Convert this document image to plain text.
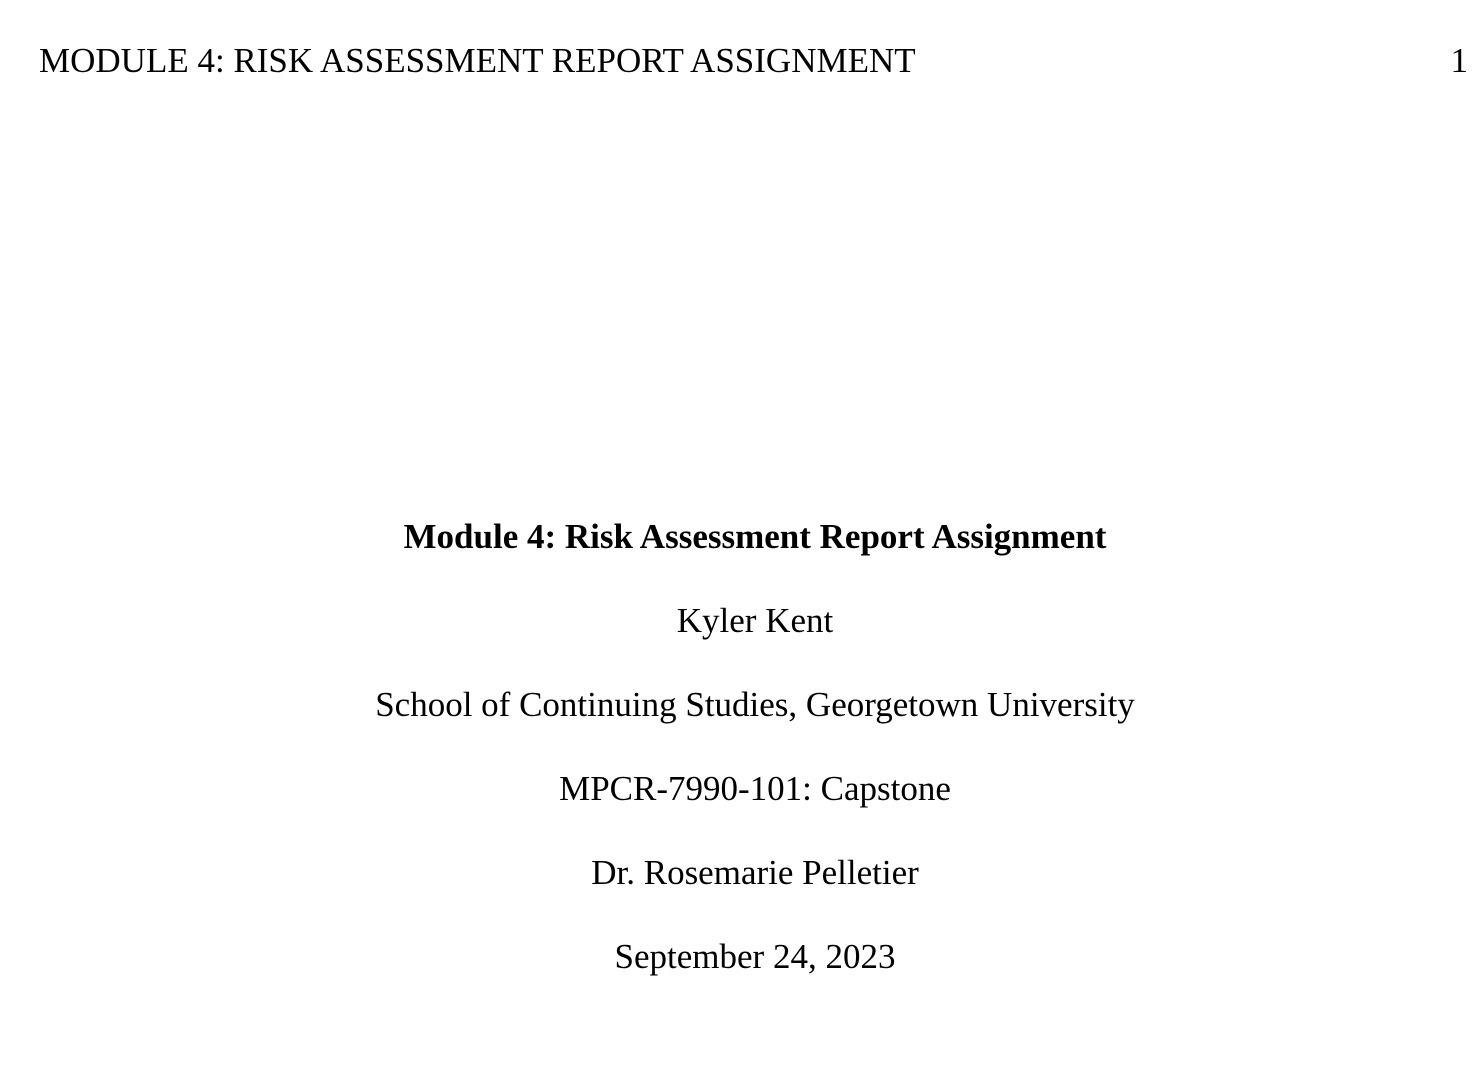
MODULE 4: RISK ASSESSMENT REPORT ASSIGNMENT	1
Module 4: Risk Assessment Report Assignment
Kyler Kent
School of Continuing Studies, Georgetown University
MPCR-7990-101: Capstone
Dr. Rosemarie Pelletier
September 24, 2023
